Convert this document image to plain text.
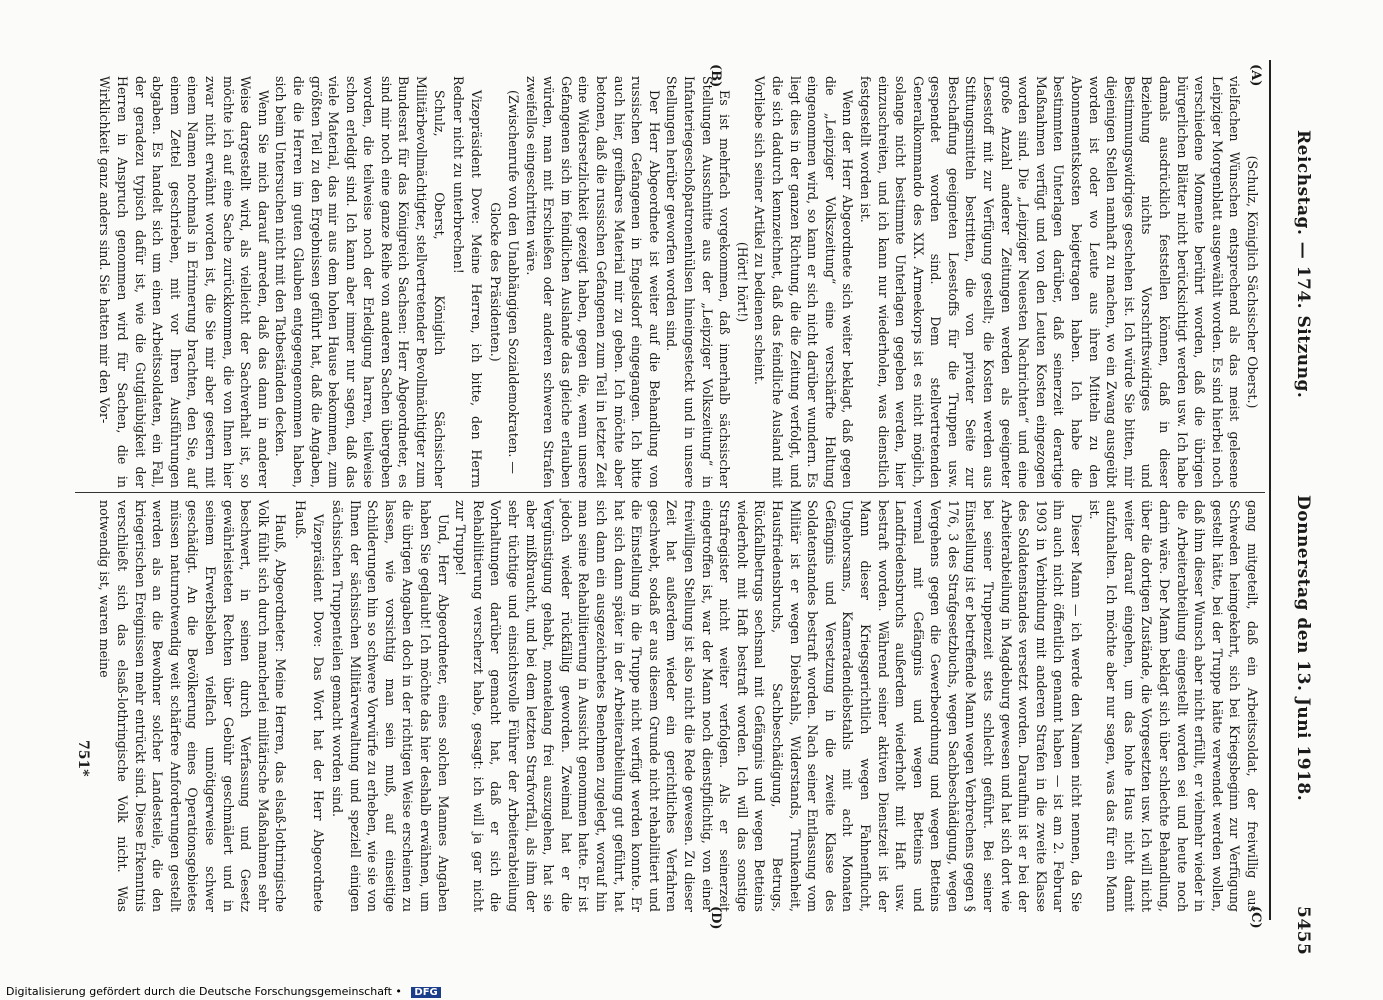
Reichstag. — 174. Sitzung.
Donnerstag den 13. Juni 1918.
5455
(A)
(B)
(C)
(D)

(Schulz, Königlich Sächsischer Oberst.)

vielfachen Wünschen entsprechend als das meist gelesene Leipziger Morgenblatt ausgewählt worden. Es sind hierbei noch verschiedene Momente berührt worden, daß die übrigen bürgerlichen Blätter nicht berücksichtigt werden usw. Ich habe damals ausdrücklich feststellen können, daß in dieser Beziehung nichts Vorschriftswidriges und Bestimmungswidriges geschehen ist. Ich würde Sie bitten, mir diejenigen Stellen namhaft zu machen, wo ein Zwang ausgeübt worden ist oder wo Leute aus ihren Mitteln zu den Abonnementskosten beigetragen haben. Ich habe die bestimmten Unterlagen darüber, daß seinerzeit derartige Maßnahmen verfügt und von den Leuten Kosten eingezogen worden sind. Die „Leipziger Neuesten Nachrichten“ und eine große Anzahl anderer Zeitungen werden als geeigneter Lesestoff mit zur Verfügung gestellt; die Kosten werden aus Stiftungsmitteln bestritten, die von privater Seite zur Beschaffung geeigneten Lesestoffs für die Truppen usw. gespendet worden sind. Dem stellvertretenden Generalkommando des XIX. Armeekorps ist es nicht möglich, solange nicht bestimmte Unterlagen gegeben werden, hier einzuschreiten, und ich kann nur wiederholen, was dienstlich festgestellt worden ist.

Wenn der Herr Abgeordnete sich weiter beklagt, daß gegen die „Leipziger Volkszeitung“ eine verschärfte Haltung eingenommen wird, so kann er sich nicht darüber wundern. Es liegt dies in der ganzen Richtung, die die Zeitung verfolgt, und die sich dadurch kennzeichnet, daß das feindliche Ausland mit Vorliebe sich seiner Artikel zu bedienen scheint.

(Hört! hört!)

Es ist mehrfach vorgekommen, daß innerhalb sächsischer Stellungen Ausschnitte aus der „Leipziger Volkszeitung“ in Infanteriegeschoßpatronenhülsen hineingesteckt und in unsere Stellungen herüber geworfen worden sind.

Der Herr Abgeordnete ist weiter auf die Behandlung von russischen Gefangenen in Engelsdorf eingegangen. Ich bitte auch hier, greifbares Material mir zu geben. Ich möchte aber betonen, daß die russischen Gefangenen zum Teil in letzter Zeit eine Widersetzlichkeit gezeigt haben, gegen die, wenn unsere Gefangenen sich im feindlichen Auslande das gleiche erlauben würden, man mit Erschießen oder anderen schweren Strafen zweifellos eingeschritten wäre.

(Zwischenrufe von den Unabhängigen Sozialdemokraten. — Glocke des Präsidenten.)

Vizepräsident Dove: Meine Herren, ich bitte, den Herrn Redner nicht zu unterbrechen!

Schulz, Oberst, Königlich Sächsischer Militärbevollmächtigter, stellvertretender Bevollmächtigter zum Bundesrat für das Königreich Sachsen: Herr Abgeordneter, es sind mir noch eine ganze Reihe von anderen Sachen übergeben worden, die teilweise noch der Erledigung harren, teilweise schon erledigt sind. Ich kann aber immer nur sagen, daß das viele Material, das mir aus dem hohen Hause bekommen, zum größten Teil zu den Ergebnissen geführt hat, daß die Angaben, die die Herren im guten Glauben entgegengenommen haben, sich beim Untersuchen nicht mit den Tatbeständen decken.

Wenn Sie mich darauf anreden, daß das dann in anderer Weise dargestellt wird, als vielleicht der Sachverhalt ist, so möchte ich auf eine Sache zurückkommen, die von Ihnen hier zwar nicht erwähnt worden ist, die Sie mir aber gestern mit einem Namen nochmals in Erinnerung brachten, den Sie, auf einem Zettel geschrieben, mit vor Ihren Ausführungen abgaben. Es handelt sich um einen Arbeitssoldaten, ein Fall, der geradezu typisch dafür ist, wie die Gutgläubigkeit der Herren in Anspruch genommen wird für Sachen, die in Wirklichkeit ganz anders sind. Sie hatten mir den Vor-

gang mitgeteilt, daß ein Arbeitssoldat, der freiwillig aus Schweden heimgekehrt, sich bei Kriegsbeginn zur Verfügung gestellt hätte, bei der Truppe hätte verwendet werden wollen, daß ihm dieser Wunsch aber nicht erfüllt, er vielmehr wieder in die Arbeiterabteilung eingestellt worden sei und heute noch darin wäre. Der Mann beklagt sich über schlechte Behandlung, über die dortigen Zustände, die Vorgesetzten usw. Ich will nicht weiter darauf eingehen, um das hohe Haus nicht damit aufzuhalten. Ich möchte aber nur sagen, was das für ein Mann ist.

Dieser Mann — ich werde den Namen nicht nennen, da Sie ihn auch nicht öffentlich genannt haben — ist am 2. Februar 1903 in Verbindung mit anderen Strafen in die zweite Klasse des Soldatenstandes versetzt worden. Daraufhin ist er bei der Arbeiterabteilung in Magdeburg gewesen und hat sich dort wie bei seiner Truppenzeit stets schlecht geführt. Bei seiner Einstellung ist er betreffende Mann wegen Verbrechens gegen § 176, 3 des Strafgesetzbuchs, wegen Sachbeschädigung, wegen Vergehens gegen die Gewerbeordnung und wegen Betteins vermal mit Gefängnis und wegen Betteins und Landfriedensbruchs außerdem wiederholt mit Haft usw. bestraft worden. Während seiner aktiven Dienstzeit ist der Mann dieser Kriegsgerichtlich wegen Fahnenflucht, Ungehorsams, Kameradendiebstahls mit acht Monaten Gefängnis und Versetzung in die zweite Klasse des Soldatenstandes bestraft worden. Nach seiner Entlassung vom Militär ist er wegen Diebstahls, Widerstands, Trunkenheit, Hausfriedensbruchs, Sachbeschädigung, Betrugs, Rückfallbetrugs sechsmal mit Gefängnis und wegen Betteins wiederholt mit Haft bestraft worden. Ich will das sonstige Strafregister nicht weiter verfolgen. Als er seinerzeit eingetroffen ist, war der Mann noch dienstpflichtig, von einer freiwilligen Stellung ist also nicht die Rede gewesen. Zu dieser Zeit hat außerdem wieder ein gerichtliches Verfahren geschwebt, sodaß er aus diesem Grunde nicht rehabilitiert und die Einstellung in die Truppe nicht verfügt werden konnte. Er hat sich dann später in der Arbeiterabteilung gut geführt, hat sich dann ein ausgezeichnetes Benehmen zugelegt, worauf hin man seine Rehabilitierung in Aussicht genommen hatte. Er ist jedoch wieder rückfällig geworden. Zweimal hat er die Vergünstigung gehabt, monatelang frei auszugehen, hat sie aber mißbraucht, und bei dem letzten Strafvorfall, als ihm der sehr tüchtige und einsichtsvolle Führer der Arbeiterabteilung Vorhaltungen darüber gemacht hat, daß er sich die Rehabilitierung verscherzt habe, gesagt: ich will ja gar nicht zur Truppe!

Und, Herr Abgeordneter, eines solchen Mannes Angaben haben Sie geglaubt! Ich möchte das hier deshalb erwähnen, um die übrigen Angaben doch in der richtigen Weise erscheinen zu lassen, wie vorsichtig man sein muß, auf einseitige Schilderungen hin so schwere Vorwürfe zu erheben, wie sie von Ihnen der sächsischen Militärverwaltung und speziell einigen sächsischen Truppenteilen gemacht worden sind.

Vizepräsident Dove: Das Wort hat der Herr Abgeordnete Hauß.

Hauß, Abgeordneter: Meine Herren, das elsaß-lothringische Volk fühlt sich durch mancherlei militärische Maßnahmen sehr beschwert, in seinen durch Verfassung und Gesetz gewährleisteten Rechten über Gebühr geschmälert und in seinem Erwerbsleben vielfach unnötigerweise schwer geschädigt. An die Bevölkerung eines Operationsgebietes müssen naturnotwendig weit schärfere Anforderungen gestellt werden als an die Bewohner solcher Landesteile, die den kriegerischen Ereignissen mehr entrückt sind. Diese Erkenntnis verschließt sich das elsaß-lothringische Volk nicht. Was notwendig ist, waren meine

751*
Digitalisierung gefördert durch die Deutsche Forschungsgemeinschaft • DFG
